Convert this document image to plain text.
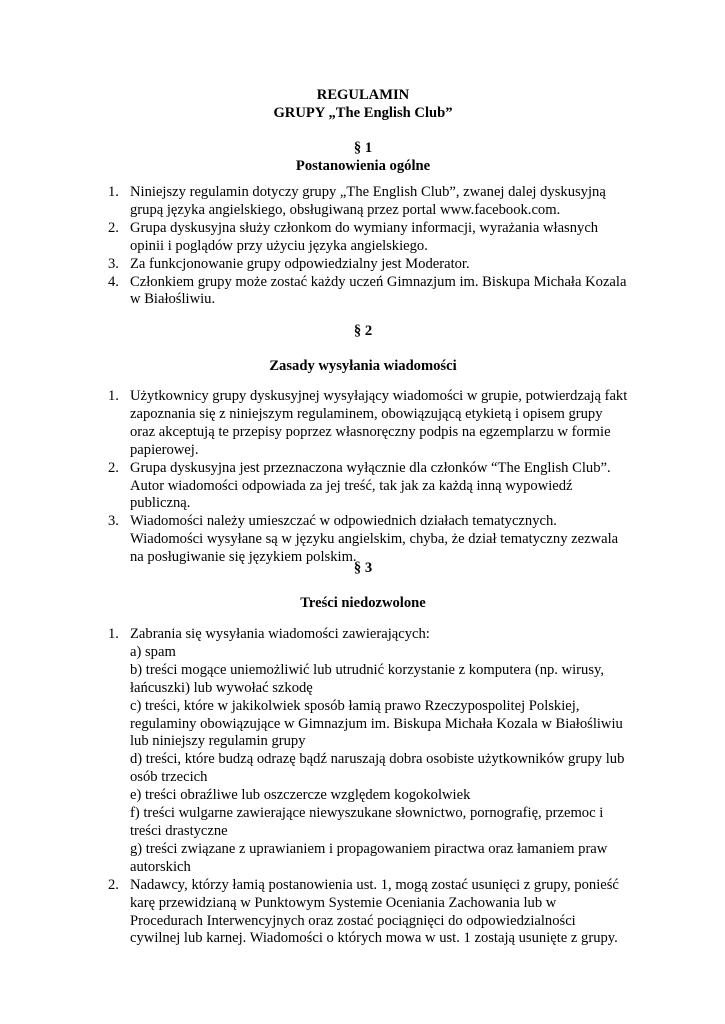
REGULAMIN

GRUPY „The English Club”

§ 1

Postanowienia ogólne

1. Niniejszy regulamin dotyczy grupy „The English Club”, zwanej dalej dyskusyjną grupą języka angielskiego, obsługiwaną przez portal www.facebook.com.
2. Grupa dyskusyjna służy członkom do wymiany informacji, wyrażania własnych opinii i poglądów przy użyciu języka angielskiego.
3. Za funkcjonowanie grupy odpowiedzialny jest Moderator.
4. Członkiem grupy może zostać każdy uczeń Gimnazjum im. Biskupa Michała Kozala w Białośliwiu.

§ 2

Zasady wysyłania wiadomości

1. Użytkownicy grupy dyskusyjnej wysyłający wiadomości w grupie, potwierdzają fakt zapoznania się z niniejszym regulaminem, obowiązującą etykietą i opisem grupy oraz akceptują te przepisy poprzez własnoręczny podpis na egzemplarzu w formie papierowej.
2. Grupa dyskusyjna jest przeznaczona wyłącznie dla członków “The English Club”. Autor wiadomości odpowiada za jej treść, tak jak za każdą inną wypowiedź publiczną.
3. Wiadomości należy umieszczać w odpowiednich działach tematycznych. Wiadomości wysyłane są w języku angielskim, chyba, że dział tematyczny zezwala na posługiwanie się językiem polskim.

§ 3

Treści niedozwolone

1. Zabrania się wysyłania wiadomości zawierających:
a) spam
b) treści mogące uniemożliwić lub utrudnić korzystanie z komputera (np. wirusy, łańcuszki) lub wywołać szkodę
c) treści, które w jakikolwiek sposób łamią prawo Rzeczypospolitej Polskiej, regulaminy obowiązujące w Gimnazjum im. Biskupa Michała Kozala w Białośliwiu lub niniejszy regulamin grupy
d) treści, które budzą odrazę bądź naruszają dobra osobiste użytkowników grupy lub osób trzecich
e) treści obraźliwe lub oszczercze względem kogokolwiek
f) treści wulgarne zawierające niewyszukane słownictwo, pornografię, przemoc i treści drastyczne
g) treści związane z uprawianiem i propagowaniem piractwa oraz łamaniem praw autorskich
2. Nadawcy, którzy łamią postanowienia ust. 1, mogą zostać usunięci z grupy, ponieść karę przewidzianą w Punktowym Systemie Oceniania Zachowania lub w Procedurach Interwencyjnych oraz zostać pociągnięci do odpowiedzialności cywilnej lub karnej. Wiadomości o których mowa w ust. 1 zostają usunięte z grupy.
